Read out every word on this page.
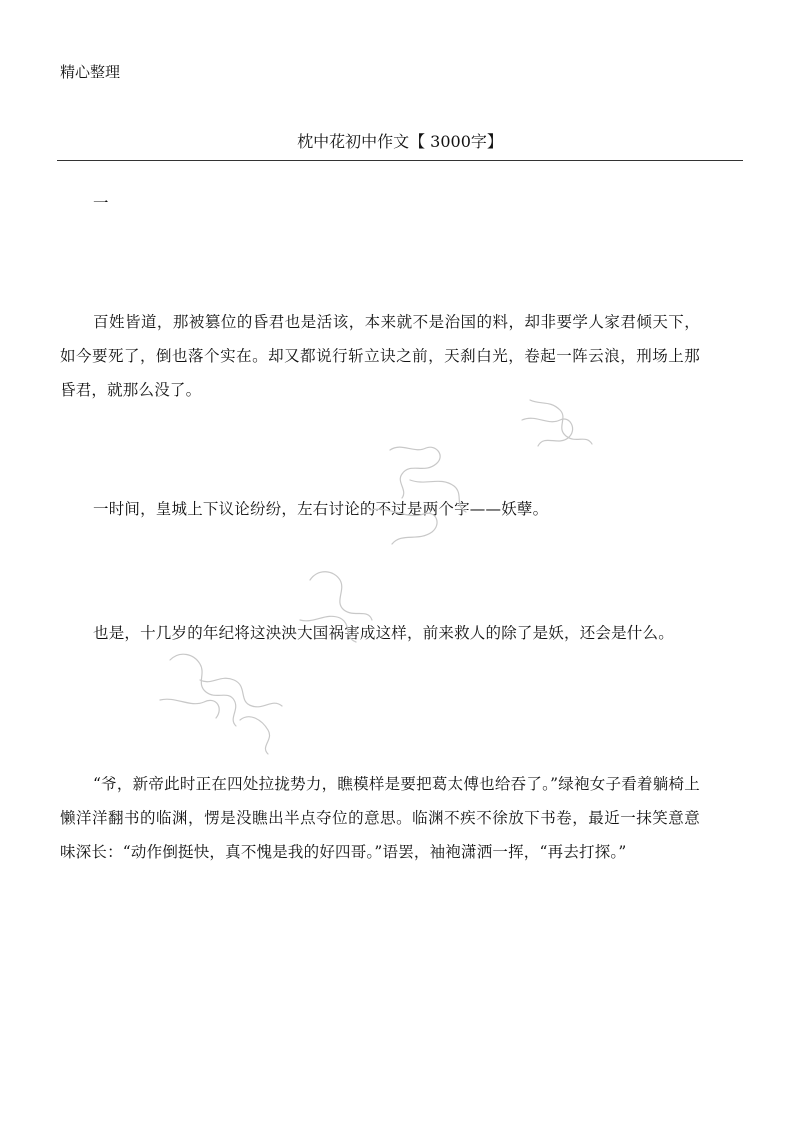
精心整理
枕中花初中作文【 3000字】

一

百姓皆道，那被篡位的昏君也是活该，本来就不是治国的料，却非要学人家君倾天下，如今要死了，倒也落个实在。却又都说行斩立诀之前，天刹白光，卷起一阵云浪，刑场上那昏君，就那么没了。

一时间，皇城上下议论纷纷，左右讨论的不过是两个字——妖孽。

也是，十几岁的年纪将这泱泱大国祸害成这样，前来救人的除了是妖，还会是什么。

“爷，新帝此时正在四处拉拢势力，瞧模样是要把葛太傅也给吞了。”绿袍女子看着躺椅上懒洋洋翻书的临渊，愣是没瞧出半点夺位的意思。临渊不疾不徐放下书卷，最近一抹笑意意味深长：“动作倒挺快，真不愧是我的好四哥。”语罢，袖袍潇洒一挥，“再去打探。”
